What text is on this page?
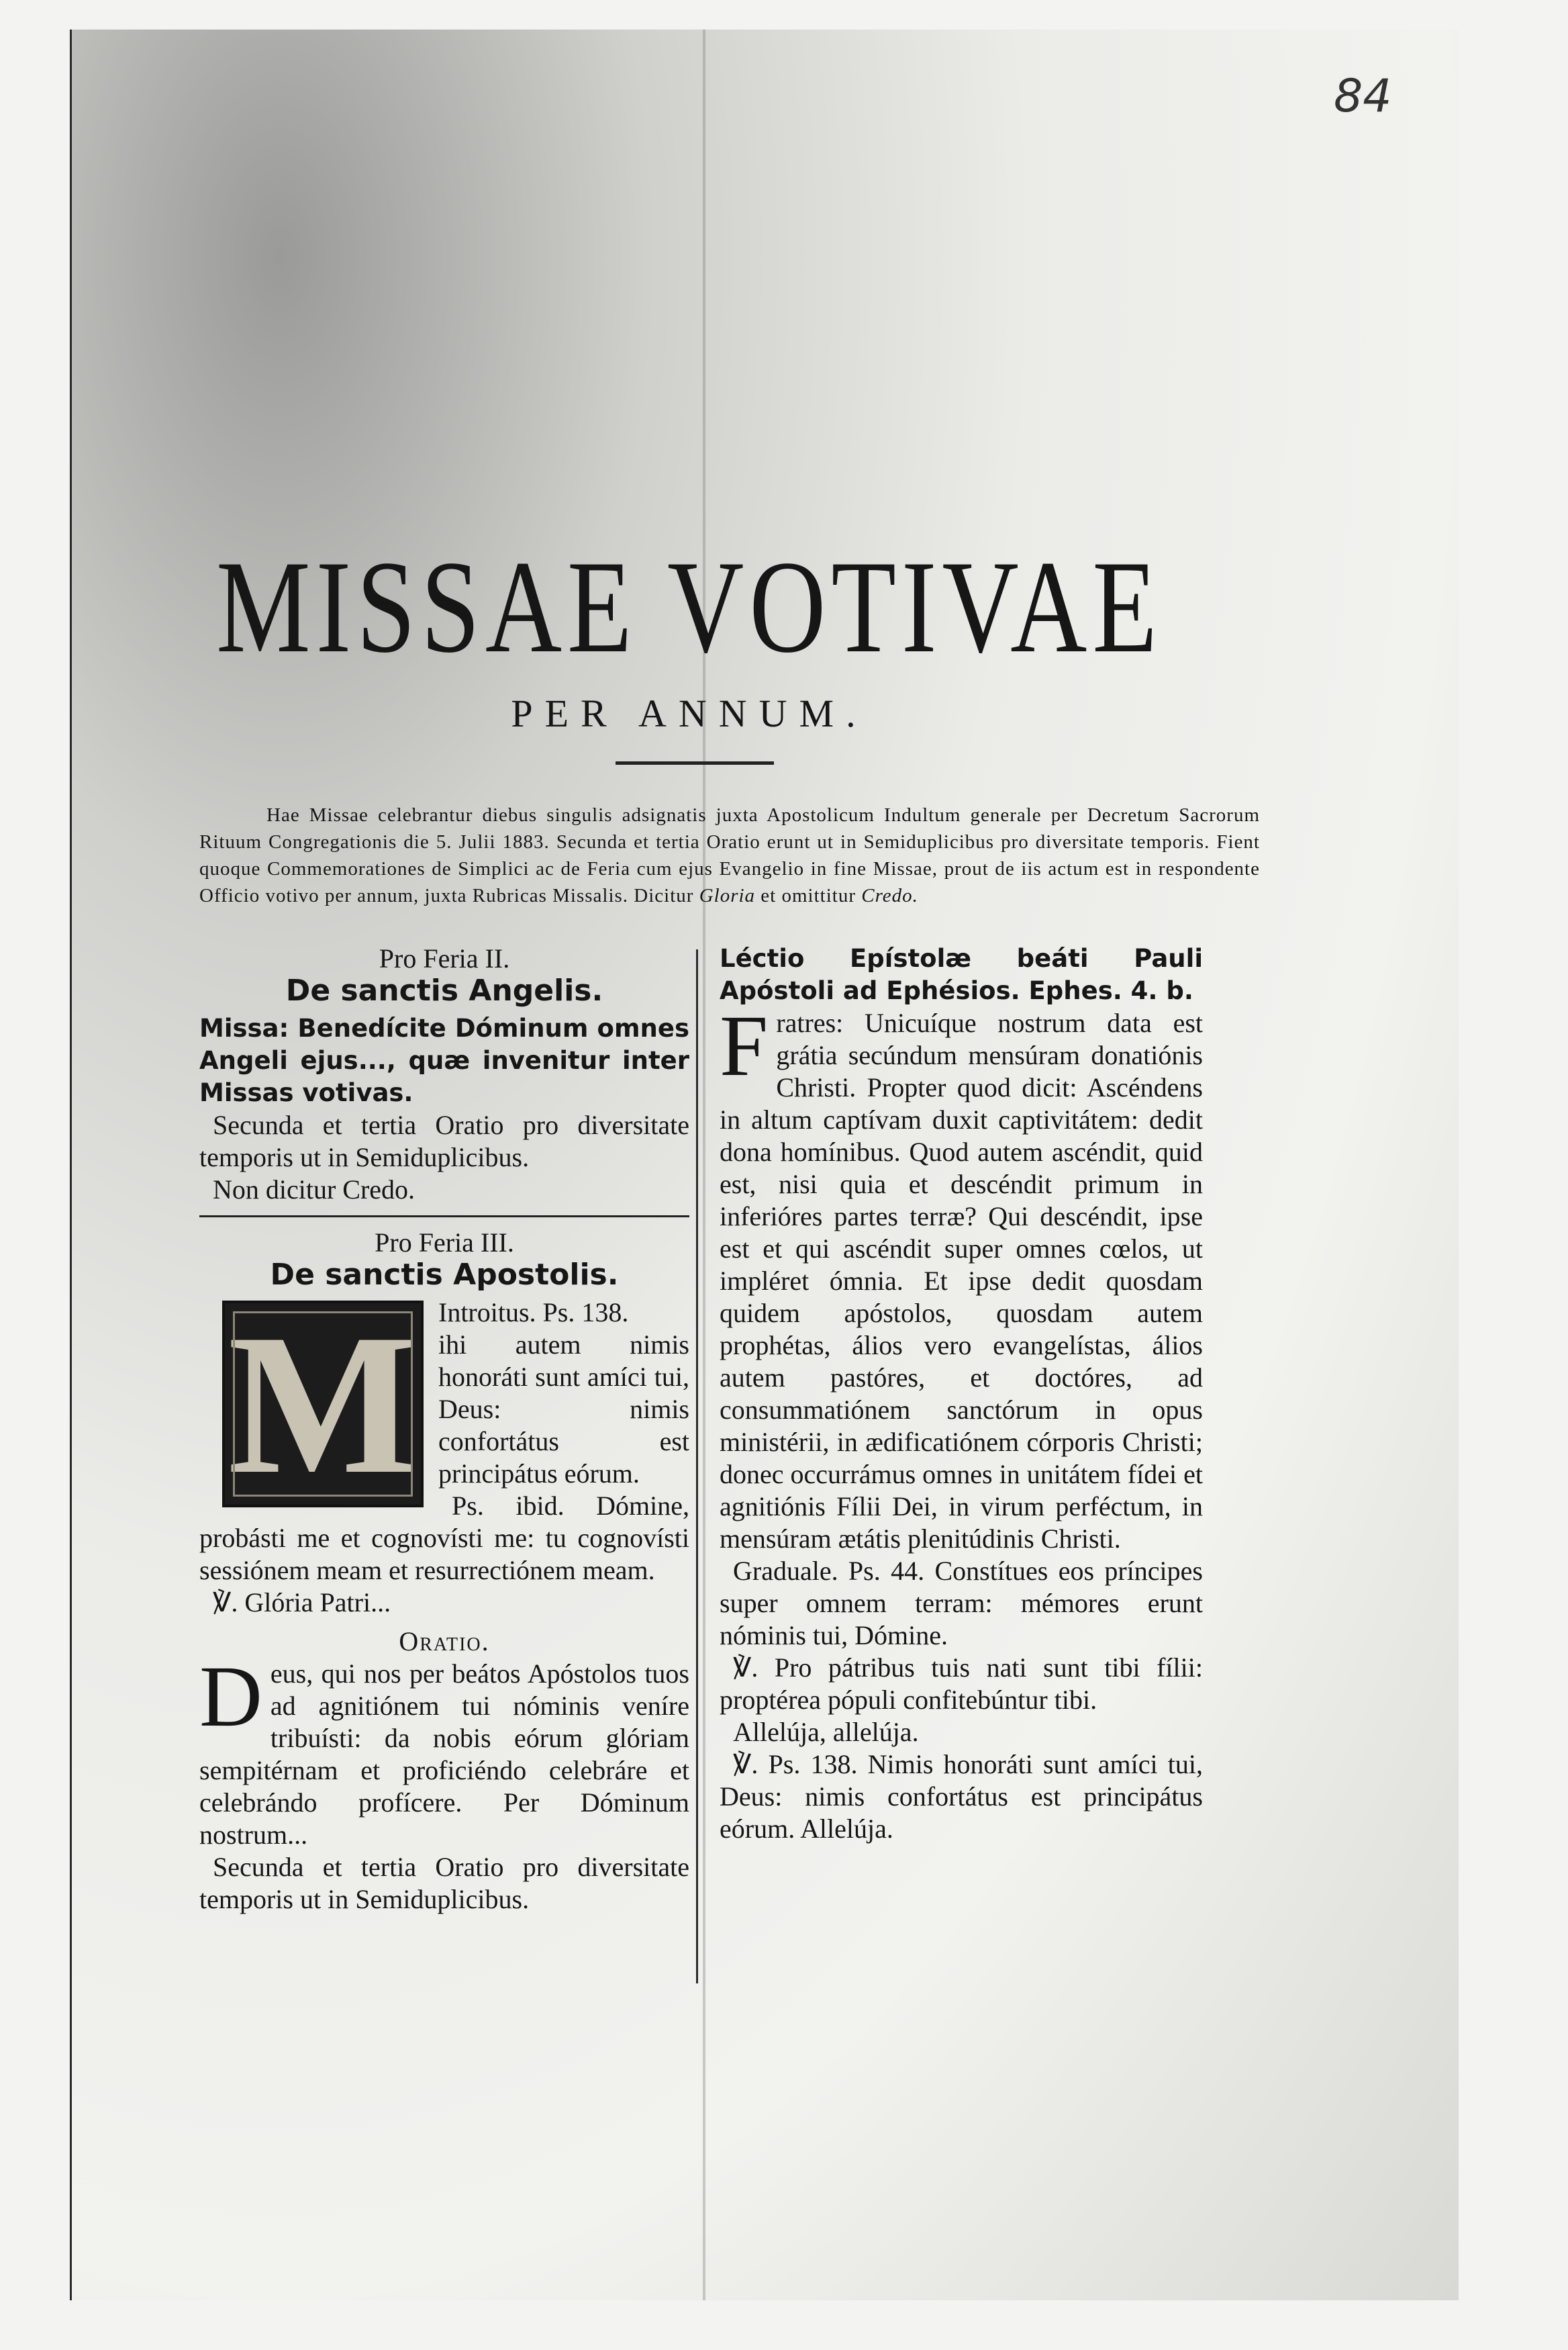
84
MISSAE VOTIVAE
PER ANNUM.
Hae Missae celebrantur diebus singulis adsignatis juxta Apostolicum Indultum generale per Decretum Sacrorum Rituum Congregationis die 5. Julii 1883. Secunda et tertia Oratio erunt ut in Semiduplicibus pro diversitate temporis. Fient quoque Commemorationes de Simplici ac de Feria cum ejus Evangelio in fine Missae, prout de iis actum est in respondente Officio votivo per annum, juxta Rubricas Missalis. Dicitur Gloria et omittitur Credo.

Pro Feria II.

De sanctis Angelis.

Missa: Benedícite Dóminum omnes Angeli ejus..., quæ invenitur inter Missas votivas.

Secunda et tertia Oratio pro diversitate temporis ut in Semiduplicibus.

Non dicitur Credo.

Pro Feria III.

De sanctis Apostolis.

M Introitus. Ps. 138.

ihi autem nimis honoráti sunt amíci tui, Deus: nimis confortátus est principátus eórum.

Ps. ibid. Dómine, probásti me et cognovísti me: tu cognovísti sessiónem meam et resurrectiónem meam.

℣. Glória Patri...

Oratio.

D eus, qui nos per beátos Apóstolos tuos ad agnitiónem tui nóminis veníre tribuísti: da nobis eórum glóriam sempitérnam et proficiéndo celebráre et celebrándo profícere. Per Dóminum nostrum...

Secunda et tertia Oratio pro diversitate temporis ut in Semiduplicibus.

Léctio Epístolæ beáti Pauli Apóstoli ad Ephésios. Ephes. 4. b.

F ratres: Unicuíque nostrum data est grátia secúndum mensúram donatiónis Christi. Propter quod dicit: Ascéndens in altum captívam duxit captivitátem: dedit dona homínibus. Quod autem ascéndit, quid est, nisi quia et descéndit primum in inferióres partes terræ? Qui descéndit, ipse est et qui ascéndit super omnes cœlos, ut impléret ómnia. Et ipse dedit quosdam quidem apóstolos, quosdam autem prophétas, álios vero evangelístas, álios autem pastóres, et doctóres, ad consummatiónem sanctórum in opus ministérii, in ædificatiónem córporis Christi; donec occurrámus omnes in unitátem fídei et agnitiónis Fílii Dei, in virum perféctum, in mensúram ætátis plenitúdinis Christi.

Graduale. Ps. 44. Constítues eos príncipes super omnem terram: mémores erunt nóminis tui, Dómine.

℣. Pro pátribus tuis nati sunt tibi fílii: proptérea pópuli confitebúntur tibi.

Allelúja, allelúja.

℣. Ps. 138. Nimis honoráti sunt amíci tui, Deus: nimis confortátus est principátus eórum. Allelúja.
